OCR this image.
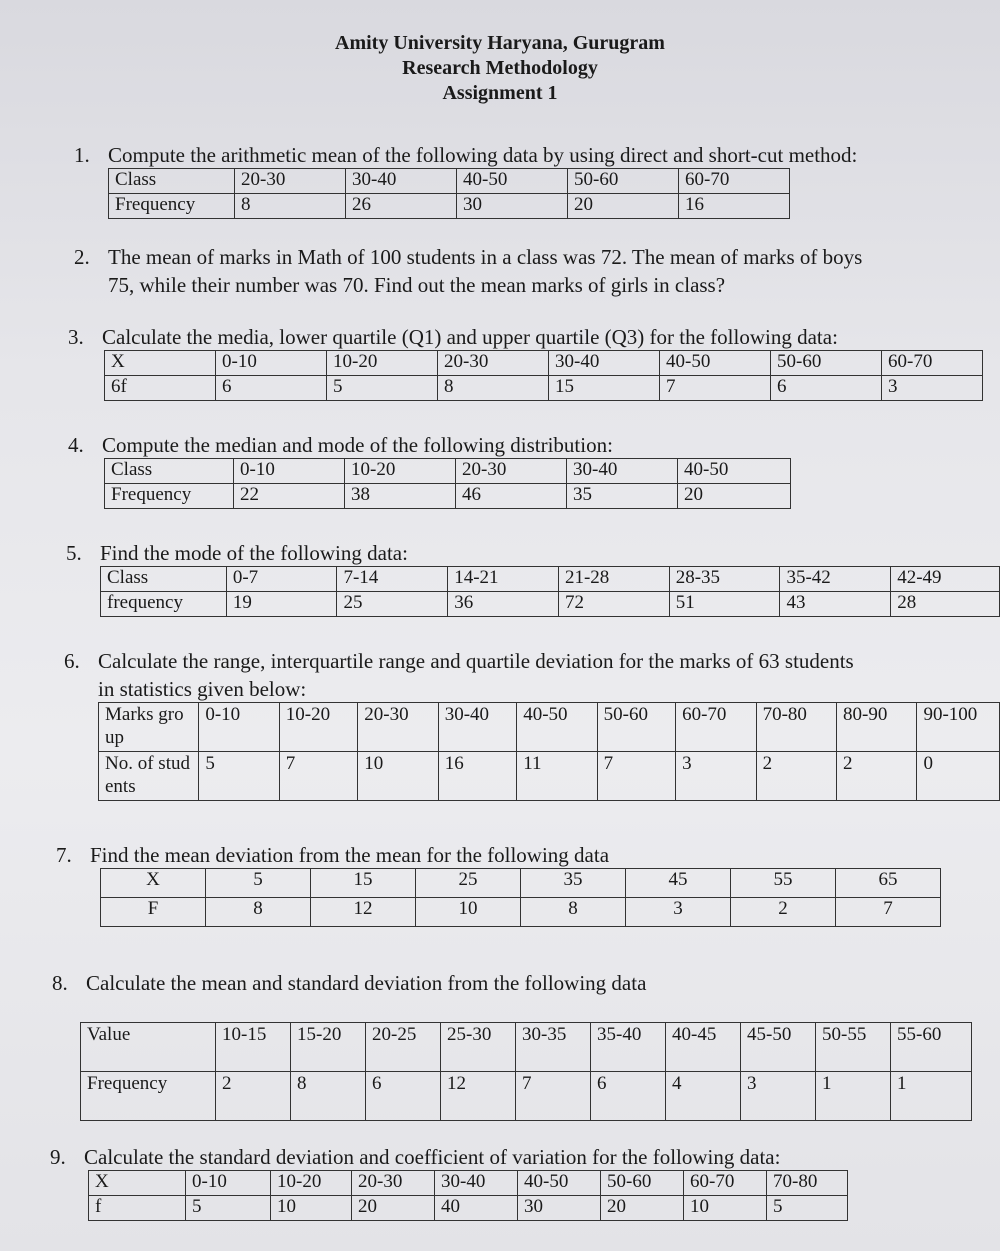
Amity University Haryana, Gurugram
Research Methodology
Assignment 1
1. Compute the arithmetic mean of the following data by using direct and short-cut method:
Class	20-30	30-40	40-50	50-60	60-70
Frequency	8	26	30	20	16
2. The mean of marks in Math of 100 students in a class was 72. The mean of marks of boys
75, while their number was 70. Find out the mean marks of girls in class?
3. Calculate the media, lower quartile (Q1) and upper quartile (Q3) for the following data:
X	0-10	10-20	20-30	30-40	40-50	50-60	60-70
6f	6	5	8	15	7	6	3
4. Compute the median and mode of the following distribution:
Class	0-10	10-20	20-30	30-40	40-50
Frequency	22	38	46	35	20
5. Find the mode of the following data:
Class	0-7	7-14	14-21	21-28	28-35	35-42	42-49
frequency	19	25	36	72	51	43	28
6. Calculate the range, interquartile range and quartile deviation for the marks of 63 students
in statistics given below:
Marks group	0-10	10-20	20-30	30-40	40-50	50-60	60-70	70-80	80-90	90-100
No. of students	5	7	10	16	11	7	3	2	2	0
7. Find the mean deviation from the mean for the following data
X	5	15	25	35	45	55	65
F	8	12	10	8	3	2	7
8. Calculate the mean and standard deviation from the following data
Value	10-15	15-20	20-25	25-30	30-35	35-40	40-45	45-50	50-55	55-60
Frequency	2	8	6	12	7	6	4	3	1	1
9. Calculate the standard deviation and coefficient of variation for the following data:
X	0-10	10-20	20-30	30-40	40-50	50-60	60-70	70-80
f	5	10	20	40	30	20	10	5
